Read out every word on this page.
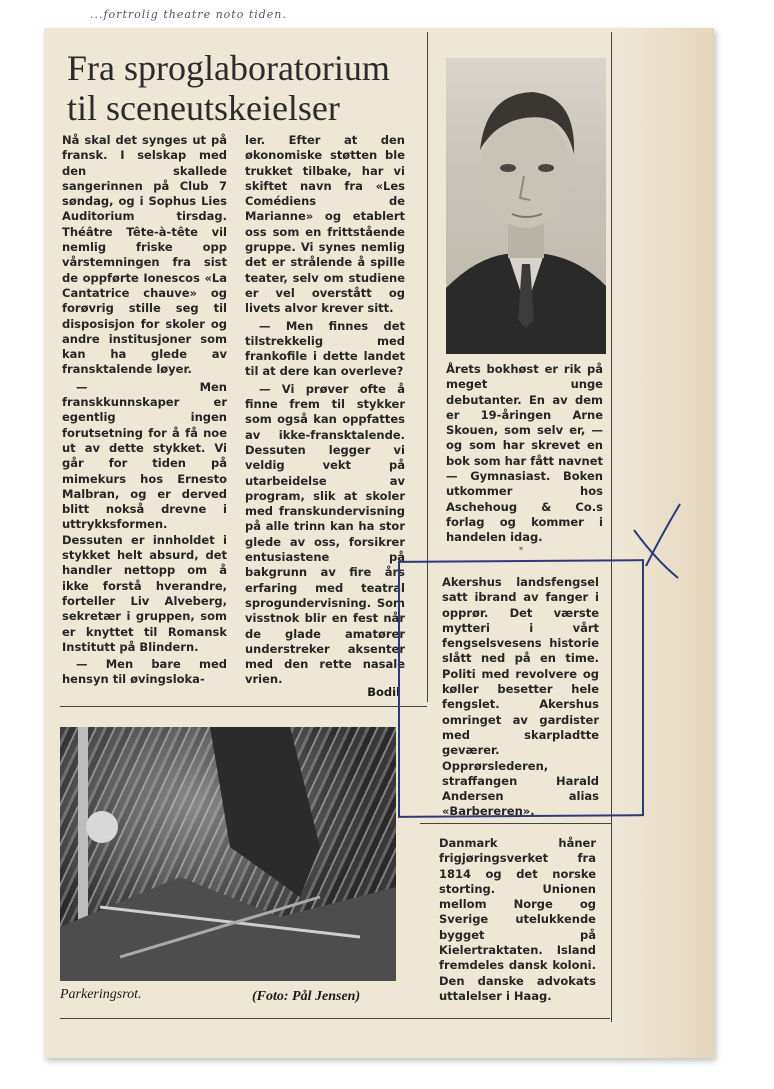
...fortrolig theatre noto tiden.
Fra sproglaboratorium til sceneutskeielser

Nå skal det synges ut på fransk. I selskap med den skallede sangerinnen på Club 7 søndag, og i Sophus Lies Auditorium tirsdag. Théâtre Tête-à-tête vil nemlig friske opp vårstemningen fra sist de oppførte Ionescos «La Cantatrice chauve» og forøvrig stille seg til disposisjon for skoler og andre institusjoner som kan ha glede av fransktalende løyer.

— Men franskkunnskaper er egentlig ingen forutsetning for å få noe ut av dette stykket. Vi går for tiden på mimekurs hos Ernesto Malbran, og er derved blitt nokså drevne i uttrykksformen. Dessuten er innholdet i stykket helt absurd, det handler nettopp om å ikke forstå hverandre, forteller Liv Alveberg, sekretær i gruppen, som er knyttet til Romansk Institutt på Blindern.

— Men bare med hensyn til øvingsloka-

ler. Efter at den økonomiske støtten ble trukket tilbake, har vi skiftet navn fra «Les Comédiens de Marianne» og etablert oss som en frittstående gruppe. Vi synes nemlig det er strålende å spille teater, selv om studiene er vel overstått og livets alvor krever sitt.

— Men finnes det tilstrekkelig med frankofile i dette landet til at dere kan overleve?

— Vi prøver ofte å finne frem til stykker som også kan oppfattes av ikke-fransktalende. Dessuten legger vi veldig vekt på utarbeidelse av program, slik at skoler med franskundervisning på alle trinn kan ha stor glede av oss, forsikrer entusiastene på bakgrunn av fire års erfaring med teatral sprogundervisning. Som visstnok blir en fest når de glade amatører understreker aksenter med den rette nasale vrien.

Bodil
Årets bokhøst er rik på meget unge debutanter. En av dem er 19-åringen Arne Skouen, som selv er, — og som har skrevet en bok som har fått navnet — Gymnasiast. Boken utkommer hos Aschehoug & Co.s forlag og kommer i handelen idag.
*
Akershus landsfengsel satt ibrand av fanger i opprør. Det værste mytteri i vårt fengselsvesens historie slått ned på en time. Politi med revolvere og køller besetter hele fengslet. Akershus omringet av gardister med skarpladtte geværer. Opprørslederen, straffangen Harald Andersen alias «Barbereren».
Danmark håner frigjøringsverket fra 1814 og det norske storting. Unionen mellom Norge og Sverige utelukkende bygget på Kielertraktaten. Island fremdeles dansk koloni. Den danske advokats uttalelser i Haag.
Parkeringsrot.	(Foto: Pål Jensen)
